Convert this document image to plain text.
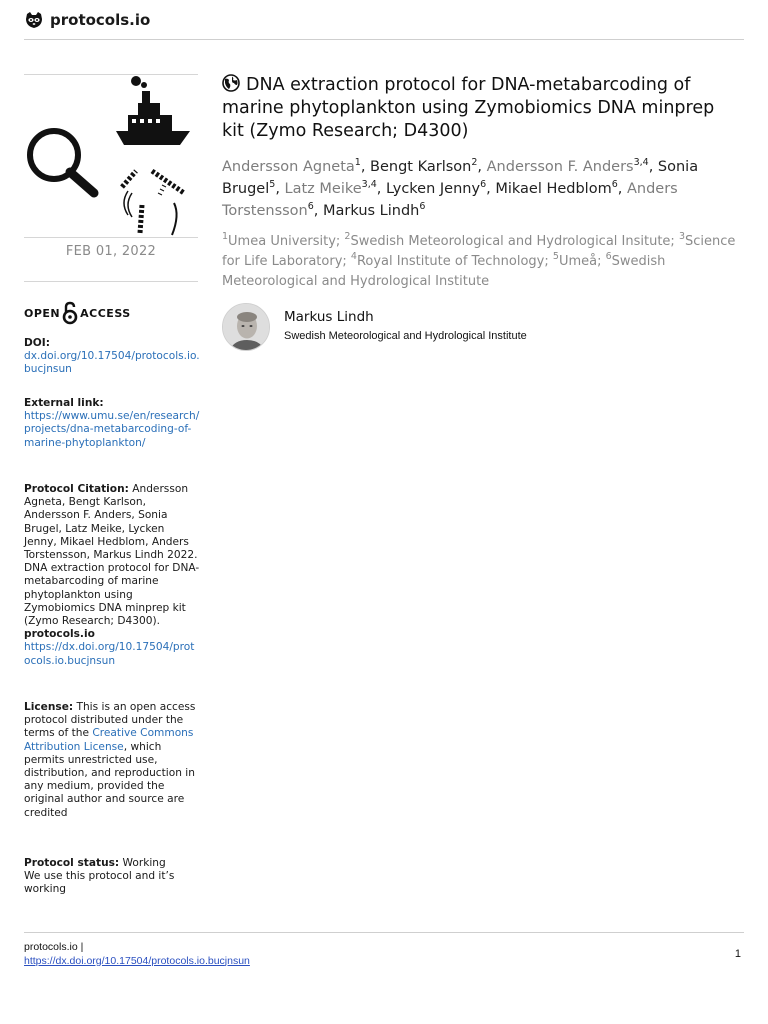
protocols.io
FEB 01, 2022
OPEN ACCESS
DOI:
dx.doi.org/10.17504/protocols.io.bucjnsun
External link:
https://www.umu.se/en/research/projects/dna-metabarcoding-of-marine-phytoplankton/
Protocol Citation: Andersson Agneta, Bengt Karlson, Andersson F. Anders, Sonia Brugel, Latz Meike, Lycken Jenny, Mikael Hedblom, Anders Torstensson, Markus Lindh 2022. DNA extraction protocol for DNA-metabarcoding of marine phytoplankton using Zymobiomics DNA minprep kit (Zymo Research; D4300).
protocols.io
https://dx.doi.org/10.17504/protocols.io.bucjnsun
License: This is an open access protocol distributed under the terms of the Creative Commons Attribution License, which permits unrestricted use, distribution, and reproduction in any medium, provided the original author and source are credited
Protocol status: Working
We use this protocol and it’s working
DNA extraction protocol for DNA-metabarcoding of marine phytoplankton using Zymobiomics DNA minprep kit (Zymo Research; D4300)
Andersson Agneta$^1$, Bengt Karlson$^2$, Andersson F. Anders$^{3,4}$, Sonia Brugel$^5$, Latz Meike$^{3,4}$, Lycken Jenny$^6$, Mikael Hedblom$^6$, Anders Torstensson$^6$, Markus Lindh$^6$
$^1$Umea University; $^2$Swedish Meteorological and Hydrological Insitute; $^3$Science for Life Laboratory; $^4$Royal Institute of Technology; $^5$Umeå; $^6$Swedish Meteorological and Hydrological Institute
Markus Lindh
Swedish Meteorological and Hydrological Institute
protocols.io |
https://dx.doi.org/10.17504/protocols.io.bucjnsun
1
